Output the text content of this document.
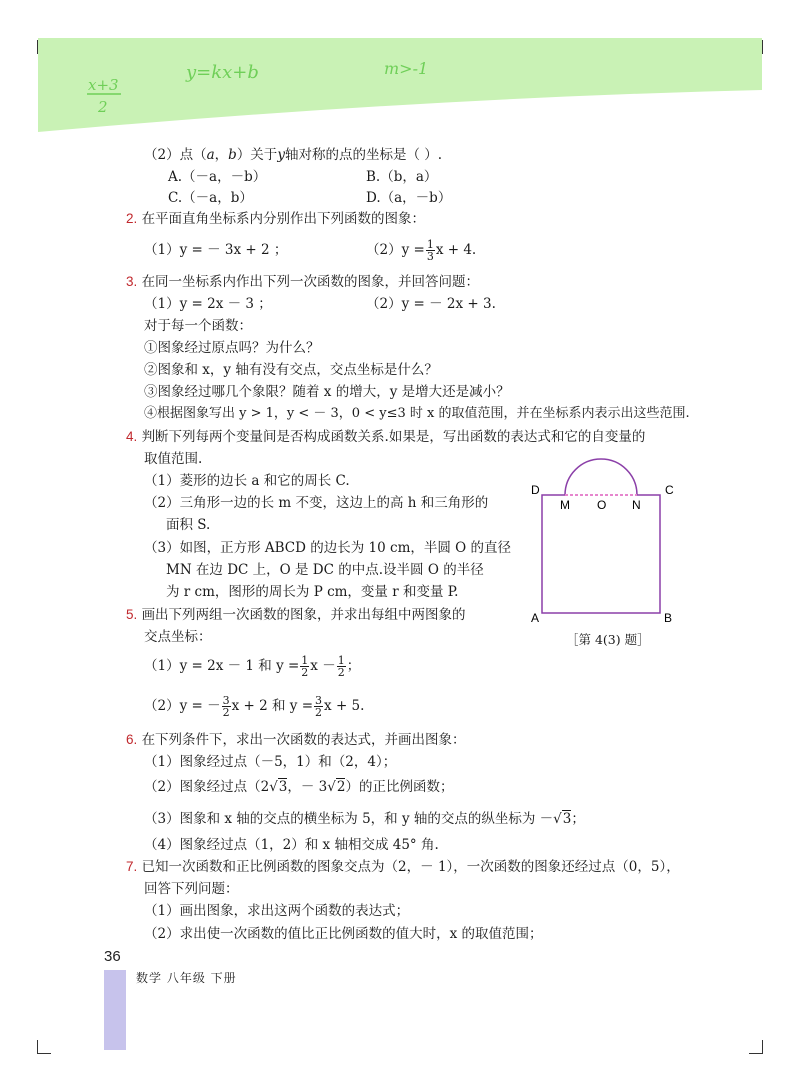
x+3
2
y=kx+b	m>-1
（2）点（a，b）关于y轴对称的点的坐标是（ ）.
A.（－a，－b）	B.（b，a）
C.（－a，b）	D.（a，－b）
2. 在平面直角坐标系内分别作出下列函数的图象：
（1）y = － 3x + 2 ；	$(2)y = \frac{1}{3}$ x + 4.
3. 在同一坐标系内作出下列一次函数的图象，并回答问题：
（1）y = 2x － 3 ；	（2）y = － 2x + 3.
对于每一个函数：
①图象经过原点吗？为什么？
②图象和 x，y 轴有没有交点，交点坐标是什么？
③图象经过哪几个象限？随着 x 的增大，y 是增大还是减小？
④根据图象写出 y > 1，y < － 3，0 < y≤3 时 x 的取值范围，并在坐标系内表示出这些范围.
4. 判断下列每两个变量间是否构成函数关系.如果是，写出函数的表达式和它的自变量的
取值范围.
（1）菱形的边长 a 和它的周长 C.
（2）三角形一边的长 m 不变，这边上的高 h 和三角形的
面积 S.
（3）如图，正方形 ABCD 的边长为 10 cm，半圆 O 的直径
MN 在边 DC 上，O 是 DC 的中点.设半圆 O 的半径
为 r cm，图形的周长为 P cm，变量 r 和变量 P.
D	C
A	B
M O N
［第 4(3) 题］
5. 画出下列两组一次函数的图象，并求出每组中两图象的
交点坐标：
（1）y = 2x － 1 和 $y = \frac{1}{2}$ $x - \frac{1}{2}$ ；
（2）y = － $\frac{3}{2}$ x + 2 和 $y = \frac{3}{2}$ x + 5.
6. 在下列条件下，求出一次函数的表达式，并画出图象：
（1）图象经过点（－5，1）和（2，4）；
（2）图象经过点（2√3，－ 3√2）的正比例函数；
（3）图象和 x 轴的交点的横坐标为 5，和 y 轴的交点的纵坐标为 －√3；
（4）图象经过点（1，2）和 x 轴相交成 45° 角.
7. 已知一次函数和正比例函数的图象交点为（2，－ 1），一次函数的图象还经过点（0，5），
回答下列问题：
（1）画出图象，求出这两个函数的表达式；
（2）求出使一次函数的值比正比例函数的值大时，x 的取值范围；
36
数学 八年级 下册
